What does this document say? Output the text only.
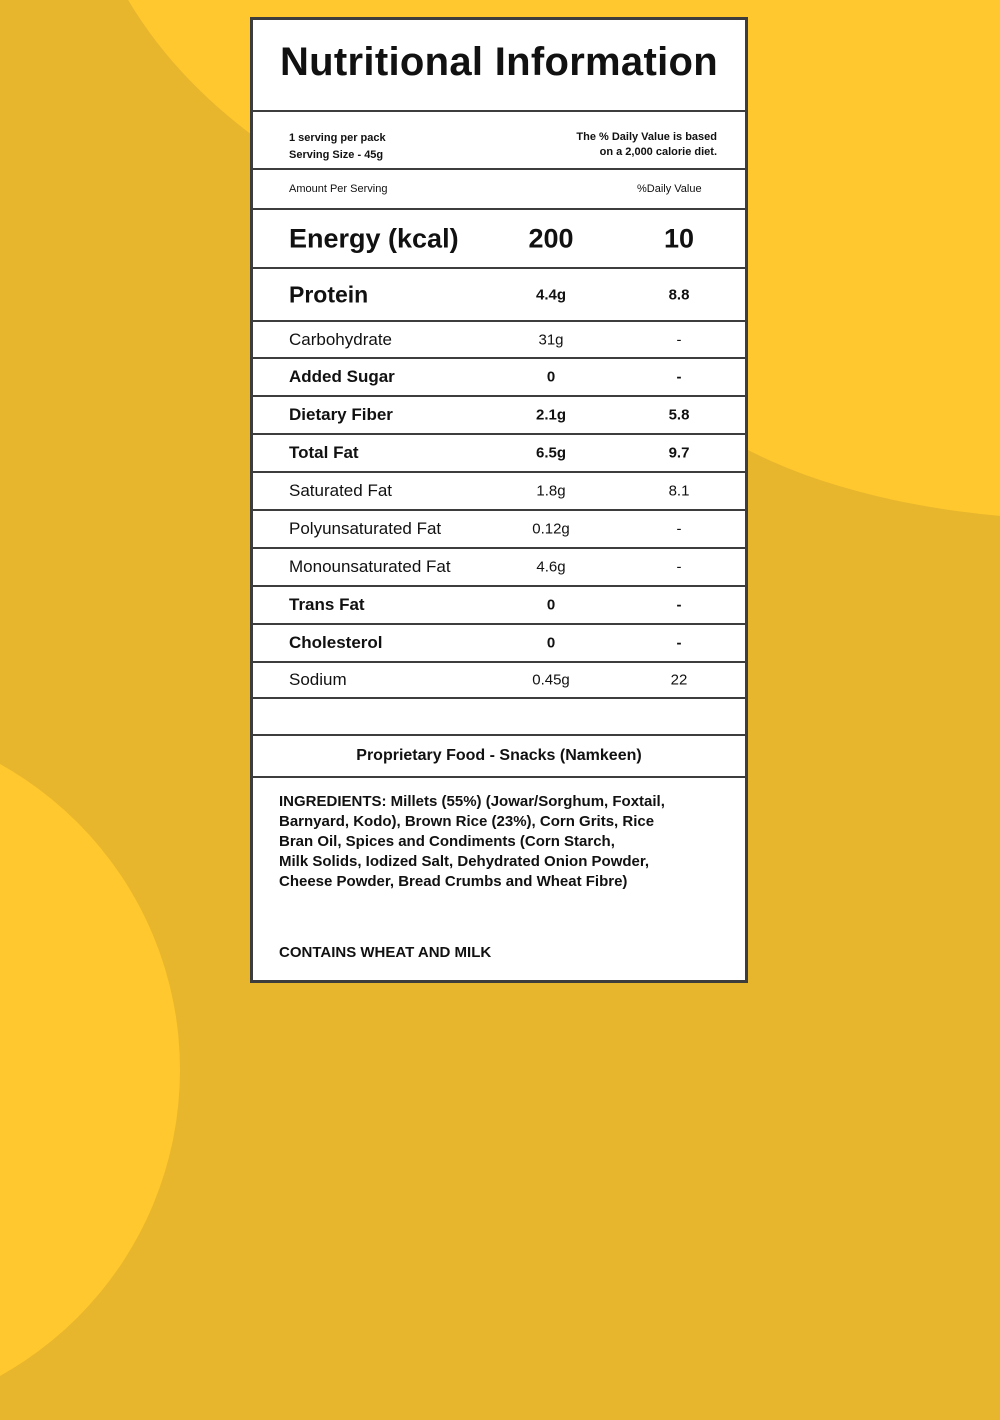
Nutritional Information
1 serving per pack
Serving Size - 45g
The % Daily Value is based
on a 2,000 calorie diet.
Amount Per Serving	%Daily Value
Energy (kcal)	200	10
Protein	4.4g	8.8
Carbohydrate	31g	-
Added Sugar	0	-
Dietary Fiber	2.1g	5.8
Total Fat	6.5g	9.7
Saturated Fat	1.8g	8.1
Polyunsaturated Fat	0.12g	-
Monounsaturated Fat	4.6g	-
Trans Fat	0	-
Cholesterol	0	-
Sodium	0.45g	22
Proprietary Food - Snacks (Namkeen)
INGREDIENTS: Millets (55%) (Jowar/Sorghum, Foxtail,
Barnyard, Kodo), Brown Rice (23%), Corn Grits, Rice
Bran Oil, Spices and Condiments (Corn Starch,
Milk Solids, Iodized Salt, Dehydrated Onion Powder,
Cheese Powder, Bread Crumbs and Wheat Fibre)
CONTAINS WHEAT AND MILK
